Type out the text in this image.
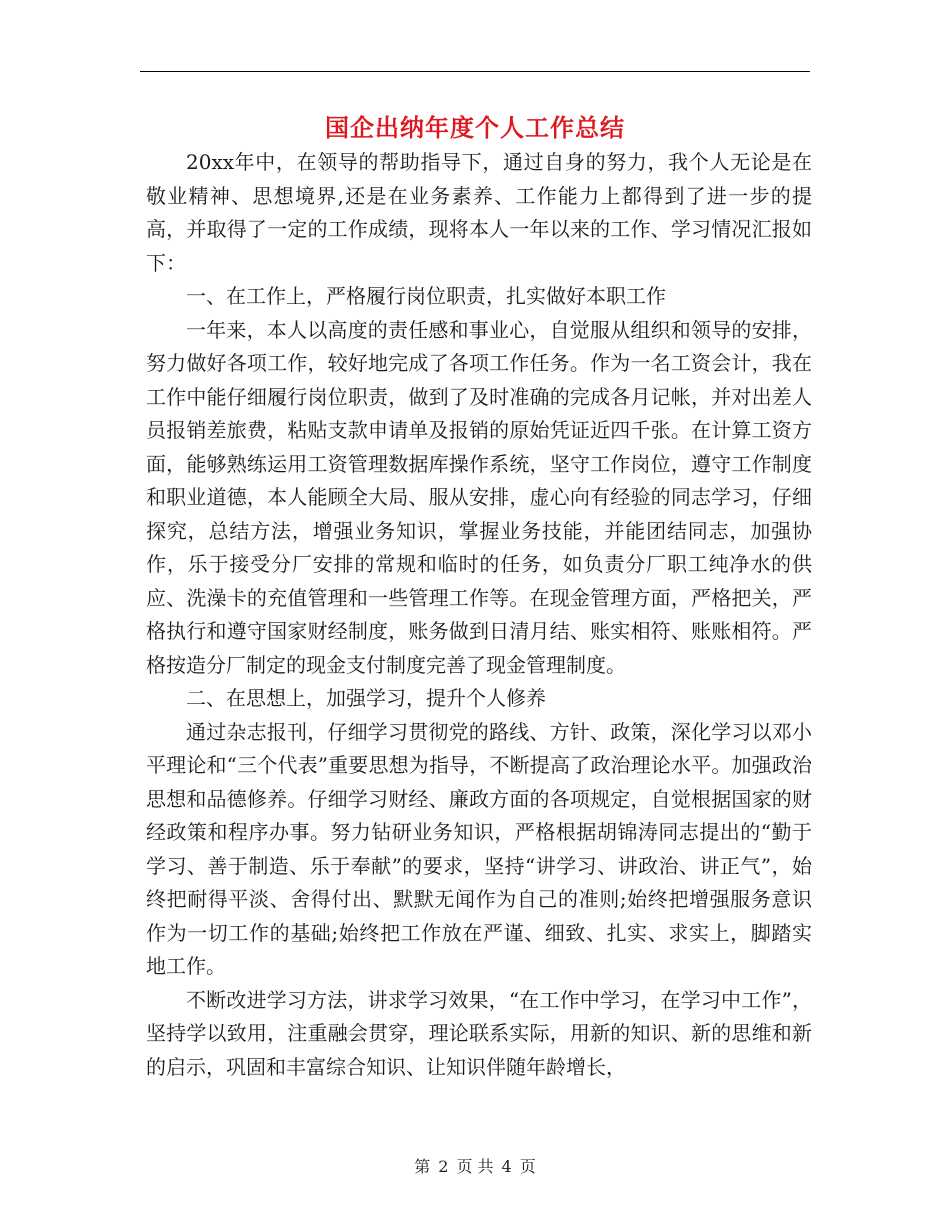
国企出纳年度个人工作总结

20xx年中，在领导的帮助指导下，通过自身的努力，我个人无论是在敬业精神、思想境界,还是在业务素养、工作能力上都得到了进一步的提高，并取得了一定的工作成绩，现将本人一年以来的工作、学习情况汇报如下：

一、在工作上，严格履行岗位职责，扎实做好本职工作

一年来，本人以高度的责任感和事业心，自觉服从组织和领导的安排，努力做好各项工作，较好地完成了各项工作任务。作为一名工资会计，我在工作中能仔细履行岗位职责，做到了及时准确的完成各月记帐，并对出差人员报销差旅费，粘贴支款申请单及报销的原始凭证近四千张。在计算工资方面，能够熟练运用工资管理数据库操作系统，坚守工作岗位，遵守工作制度和职业道德，本人能顾全大局、服从安排，虚心向有经验的同志学习，仔细探究，总结方法，增强业务知识，掌握业务技能，并能团结同志，加强协作，乐于接受分厂安排的常规和临时的任务，如负责分厂职工纯净水的供应、洗澡卡的充值管理和一些管理工作等。在现金管理方面，严格把关，严格执行和遵守国家财经制度，账务做到日清月结、账实相符、账账相符。严格按造分厂制定的现金支付制度完善了现金管理制度。

二、在思想上，加强学习，提升个人修养

通过杂志报刊，仔细学习贯彻党的路线、方针、政策，深化学习以邓小平理论和“三个代表”重要思想为指导，不断提高了政治理论水平。加强政治思想和品德修养。仔细学习财经、廉政方面的各项规定，自觉根据国家的财经政策和程序办事。努力钻研业务知识，严格根据胡锦涛同志提出的“勤于学习、善于制造、乐于奉献”的要求，坚持“讲学习、讲政治、讲正气”，始终把耐得平淡、舍得付出、默默无闻作为自己的准则;始终把增强服务意识作为一切工作的基础;始终把工作放在严谨、细致、扎实、求实上，脚踏实地工作。

不断改进学习方法，讲求学习效果，“在工作中学习，在学习中工作”，坚持学以致用，注重融会贯穿，理论联系实际，用新的知识、新的思维和新的启示，巩固和丰富综合知识、让知识伴随年龄增长，

第 2 页 共 4 页
